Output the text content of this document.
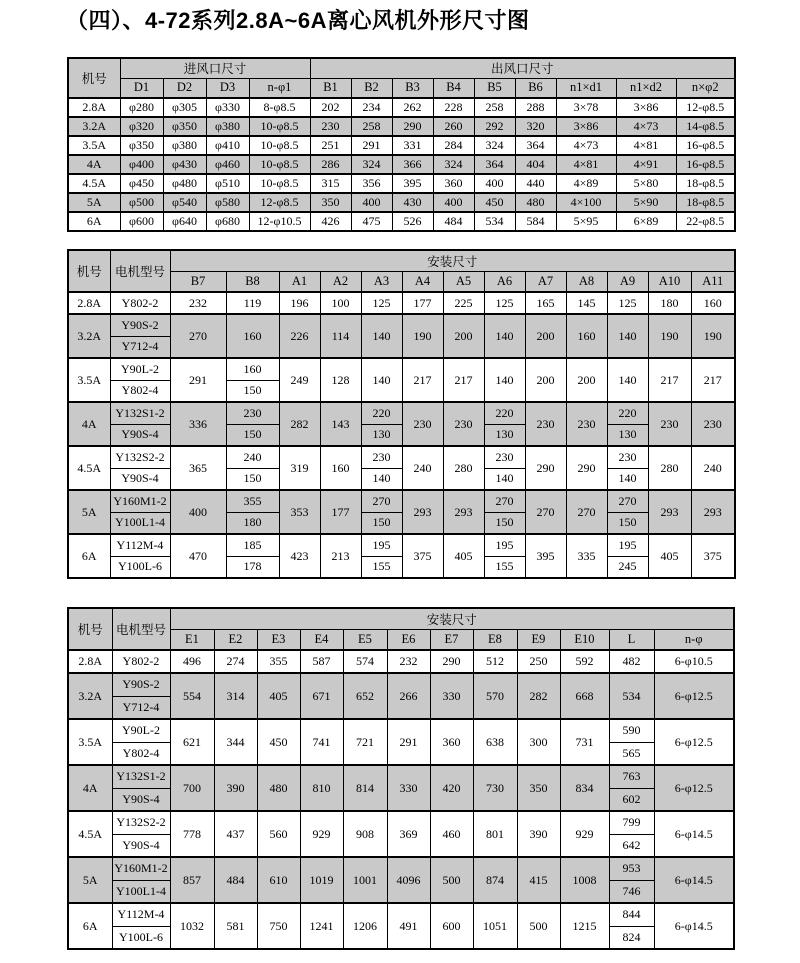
（四）、4-72系列2.8A~6A离心风机外形尺寸图
机号	进风口尺寸				出风口尺寸								
	D1	D2	D3	n-φ1	B1	B2	B3	B4	B5	B6	n1×d1	n1×d2	n×φ2
2.8A	φ280	φ305	φ330	8-φ8.5	202	234	262	228	258	288	3×78	3×86	12-φ8.5
3.2A	φ320	φ350	φ380	10-φ8.5	230	258	290	260	292	320	3×86	4×73	14-φ8.5
3.5A	φ350	φ380	φ410	10-φ8.5	251	291	331	284	324	364	4×73	4×81	16-φ8.5
4A	φ400	φ430	φ460	10-φ8.5	286	324	366	324	364	404	4×81	4×91	16-φ8.5
4.5A	φ450	φ480	φ510	10-φ8.5	315	356	395	360	400	440	4×89	5×80	18-φ8.5
5A	φ500	φ540	φ580	12-φ8.5	350	400	430	400	450	480	4×100	5×90	18-φ8.5
6A	φ600	φ640	φ680	12-φ10.5	426	475	526	484	534	584	5×95	6×89	22-φ8.5
机号	电机型号	安装尺寸												
		B7	B8	A1	A2	A3	A4	A5	A6	A7	A8	A9	A10	A11
2.8A	Y802-2	232	119	196	100	125	177	225	125	165	145	125	180	160
3.2A	Y90S-2	270	160	226	114	140	190	200	140	200	160	140	190	190
	Y712-4													
3.5A	Y90L-2	291	160	249	128	140	217	217	140	200	200	140	217	217
	Y802-4		150											
4A	Y132S1-2	336	230	282	143	220	230	230	220	230	230	220	230	230
	Y90S-4		150			130			130			130		
4.5A	Y132S2-2	365	240	319	160	230	240	280	230	290	290	230	280	240
	Y90S-4		150			140			140			140		
5A	Y160M1-2	400	355	353	177	270	293	293	270	270	270	270	293	293
	Y100L1-4		180			150			150			150		
6A	Y112M-4	470	185	423	213	195	375	405	195	395	335	195	405	375
	Y100L-6		178			155			155			245		
机号	电机型号	安装尺寸											
		E1	E2	E3	E4	E5	E6	E7	E8	E9	E10	L	n-φ
2.8A	Y802-2	496	274	355	587	574	232	290	512	250	592	482	6-φ10.5
3.2A	Y90S-2	554	314	405	671	652	266	330	570	282	668	534	6-φ12.5
	Y712-4												
3.5A	Y90L-2	621	344	450	741	721	291	360	638	300	731	590	6-φ12.5
	Y802-4											565	
4A	Y132S1-2	700	390	480	810	814	330	420	730	350	834	763	6-φ12.5
	Y90S-4											602	
4.5A	Y132S2-2	778	437	560	929	908	369	460	801	390	929	799	6-φ14.5
	Y90S-4											642	
5A	Y160M1-2	857	484	610	1019	1001	4096	500	874	415	1008	953	6-φ14.5
	Y100L1-4											746	
6A	Y112M-4	1032	581	750	1241	1206	491	600	1051	500	1215	844	6-φ14.5
	Y100L-6											824	
